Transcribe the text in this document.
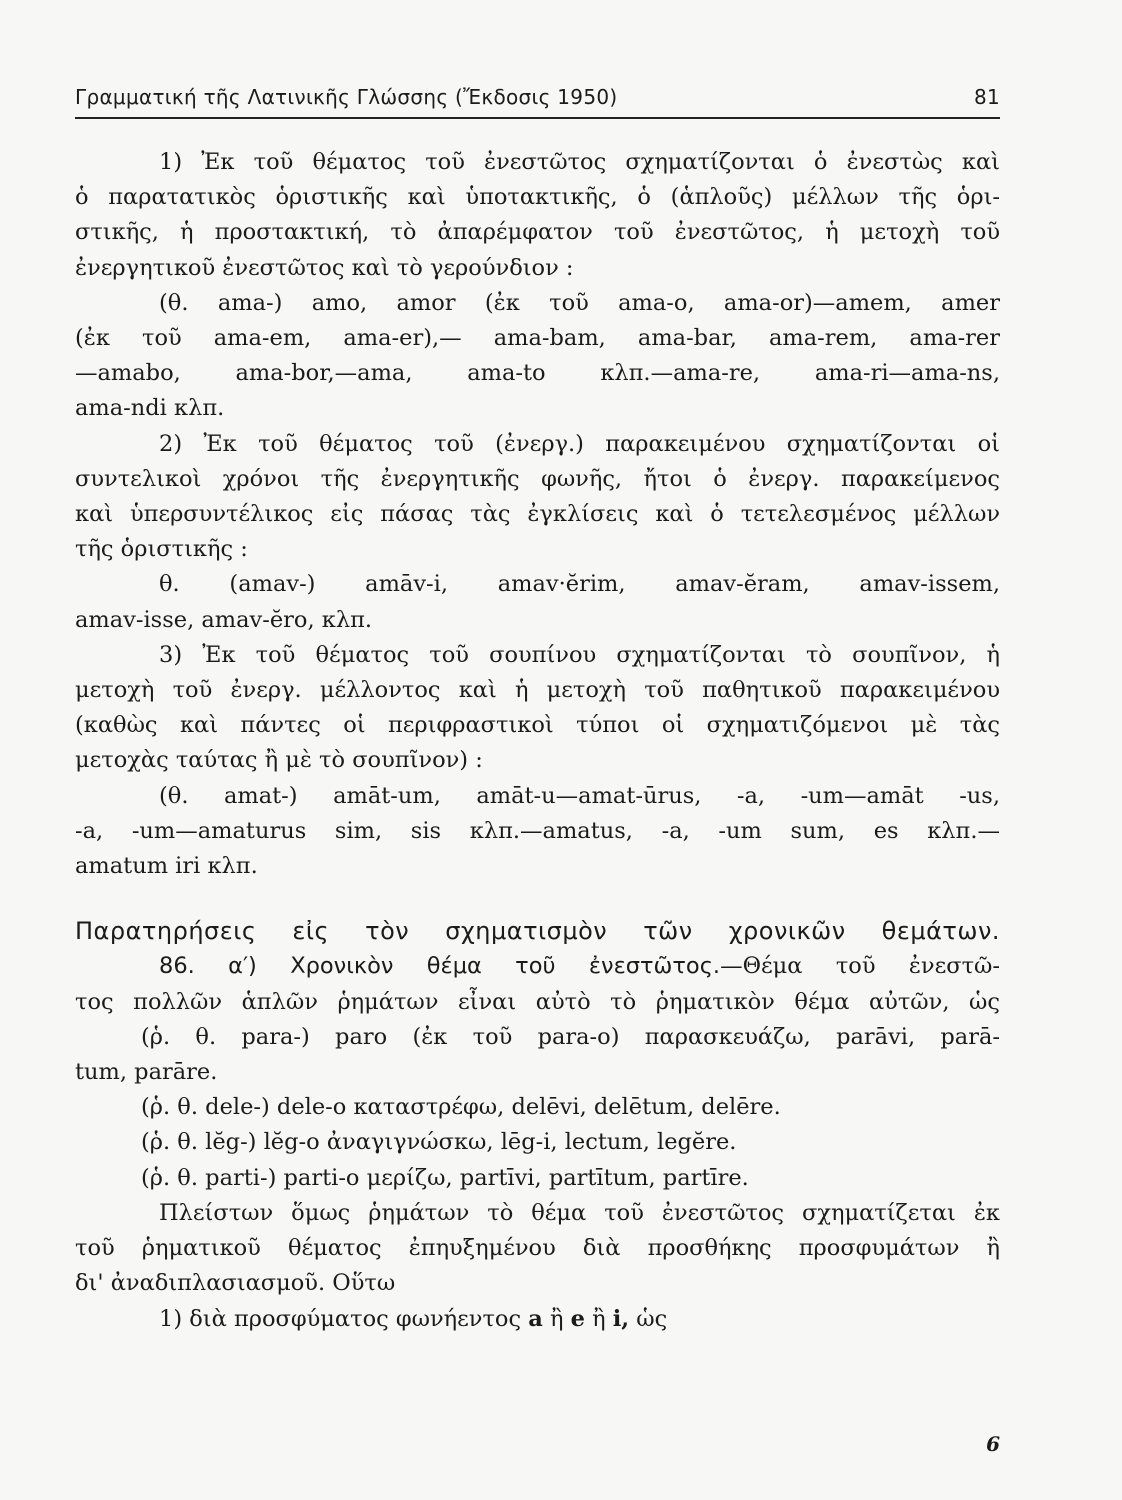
Γραμματική τῆς Λατινικῆς Γλώσσης (Ἔκδοσις 1950)	81

1) Ἐκ τοῦ θέματος τοῦ ἐνεστῶτος σχηματίζονται ὁ ἐνεστὼς καὶ
ὁ παρατατικὸς ὁριστικῆς καὶ ὑποτακτικῆς, ὁ (ἁπλοῦς) μέλλων τῆς ὁρι-
στικῆς, ἡ προστακτική, τὸ ἀπαρέμφατον τοῦ ἐνεστῶτος, ἡ μετοχὴ τοῦ
ἐνεργητικοῦ ἐνεστῶτος καὶ τὸ γερούνδιον :
(θ. ama-) amo, amor (ἐκ τοῦ ama-o, ama-or)—amem, amer
(ἐκ τοῦ ama-em, ama-er),— ama-bam, ama-bar, ama-rem, ama-rer
—amabo, ama-bor,—ama, ama-to κλπ.—ama-re, ama-ri—ama-ns,
ama-ndi κλπ.

2) Ἐκ τοῦ θέματος τοῦ (ἐνεργ.) παρακειμένου σχηματίζονται οἱ
συντελικοὶ χρόνοι τῆς ἐνεργητικῆς φωνῆς, ἤτοι ὁ ἐνεργ. παρακείμενος
καὶ ὑπερσυντέλικος εἰς πάσας τὰς ἐγκλίσεις καὶ ὁ τετελεσμένος μέλλων
τῆς ὁριστικῆς :
θ. (amav-) amāv-i, amav·ĕrim, amav-ĕram, amav-issem,
amav-isse, amav-ĕro, κλπ.

3) Ἐκ τοῦ θέματος τοῦ σουπίνου σχηματίζονται τὸ σουπῖνον, ἡ
μετοχὴ τοῦ ἐνεργ. μέλλοντος καὶ ἡ μετοχὴ τοῦ παθητικοῦ παρακειμένου
(καθὼς καὶ πάντες οἱ περιφραστικοὶ τύποι οἱ σχηματιζόμενοι μὲ τὰς
μετοχὰς ταύτας ἢ μὲ τὸ σουπῖνον) :
(θ. amat-) amāt-um, amāt-u—amat-ūrus, -a, -um—amāt -us,
-a, -um—amaturus sim, sis κλπ.—amatus, -a, -um sum, es κλπ.—
amatum iri κλπ.

Παρατηρήσεις εἰς τὸν σχηματισμὸν τῶν χρονικῶν θεμάτων.

86. α′) Χρονικὸν θέμα τοῦ ἐνεστῶτος.—Θέμα τοῦ ἐνεστῶ-
τος πολλῶν ἁπλῶν ῥημάτων εἶναι αὐτὸ τὸ ῥηματικὸν θέμα αὐτῶν, ὡς
(ῥ. θ. para-) paro (ἐκ τοῦ para-o) παρασκευάζω, parāvi, parā-
tum, parāre.
(ῥ. θ. dele-) dele-o καταστρέφω, delēvi, delētum, delēre.
(ῥ. θ. lĕg-) lĕg-o ἀναγιγνώσκω, lēg-i, lectum, legĕre.
(ῥ. θ. parti-) parti-o μερίζω, partīvi, partītum, partīre.

Πλείστων ὅμως ῥημάτων τὸ θέμα τοῦ ἐνεστῶτος σχηματίζεται ἐκ
τοῦ ῥηματικοῦ θέματος ἐπηυξημένου διὰ προσθήκης προσφυμάτων ἢ
δι' ἀναδιπλασιασμοῦ. Οὕτω
1) διὰ προσφύματος φωνήεντος a ἢ e ἢ i, ὡς

6
